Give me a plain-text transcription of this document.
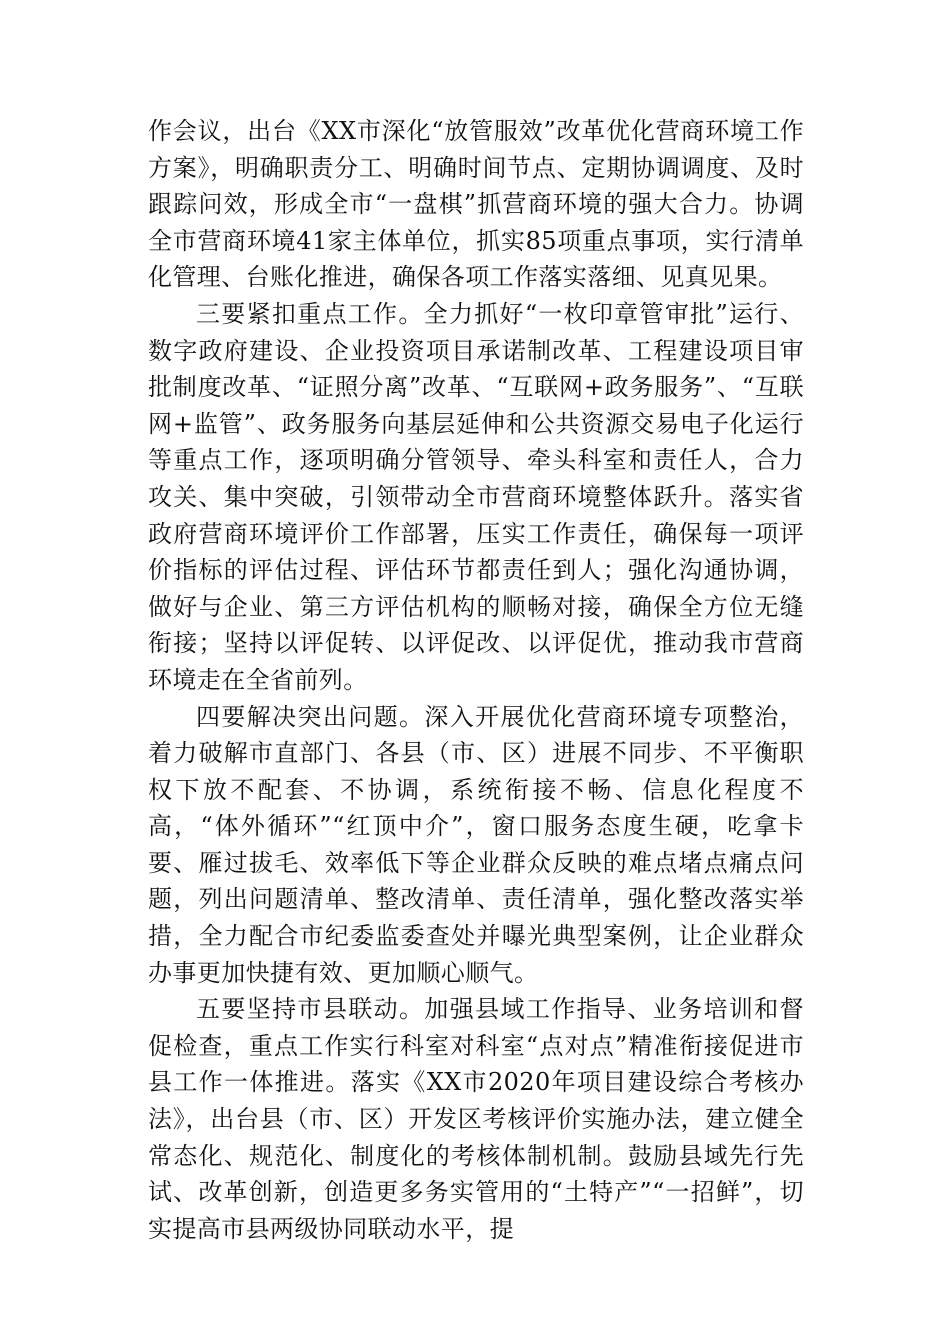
作会议，出台《XX市深化“放管服效”改革优化营商环境工作方案》，明确职责分工、明确时间节点、定期协调调度、及时跟踪问效，形成全市“一盘棋”抓营商环境的强大合力。协调全市营商环境41家主体单位，抓实85项重点事项，实行清单化管理、台账化推进，确保各项工作落实落细、见真见果。

三要紧扣重点工作。全力抓好“一枚印章管审批”运行、数字政府建设、企业投资项目承诺制改革、工程建设项目审批制度改革、“证照分离”改革、“互联网+政务服务”、“互联网+监管”、政务服务向基层延伸和公共资源交易电子化运行等重点工作，逐项明确分管领导、牵头科室和责任人，合力攻关、集中突破，引领带动全市营商环境整体跃升。落实省政府营商环境评价工作部署，压实工作责任，确保每一项评价指标的评估过程、评估环节都责任到人；强化沟通协调，做好与企业、第三方评估机构的顺畅对接，确保全方位无缝衔接；坚持以评促转、以评促改、以评促优，推动我市营商环境走在全省前列。

四要解决突出问题。深入开展优化营商环境专项整治，着力破解市直部门、各县（市、区）进展不同步、不平衡职权下放不配套、不协调，系统衔接不畅、信息化程度不高，“体外循环”“红顶中介”，窗口服务态度生硬，吃拿卡要、雁过拔毛、效率低下等企业群众反映的难点堵点痛点问题，列出问题清单、整改清单、责任清单，强化整改落实举措，全力配合市纪委监委查处并曝光典型案例，让企业群众办事更加快捷有效、更加顺心顺气。

五要坚持市县联动。加强县域工作指导、业务培训和督促检查，重点工作实行科室对科室“点对点”精准衔接促进市县工作一体推进。落实《XX市2020年项目建设综合考核办法》，出台县（市、区）开发区考核评价实施办法，建立健全常态化、规范化、制度化的考核体制机制。鼓励县域先行先试、改革创新，创造更多务实管用的“土特产”“一招鲜”，切实提高市县两级协同联动水平，提
